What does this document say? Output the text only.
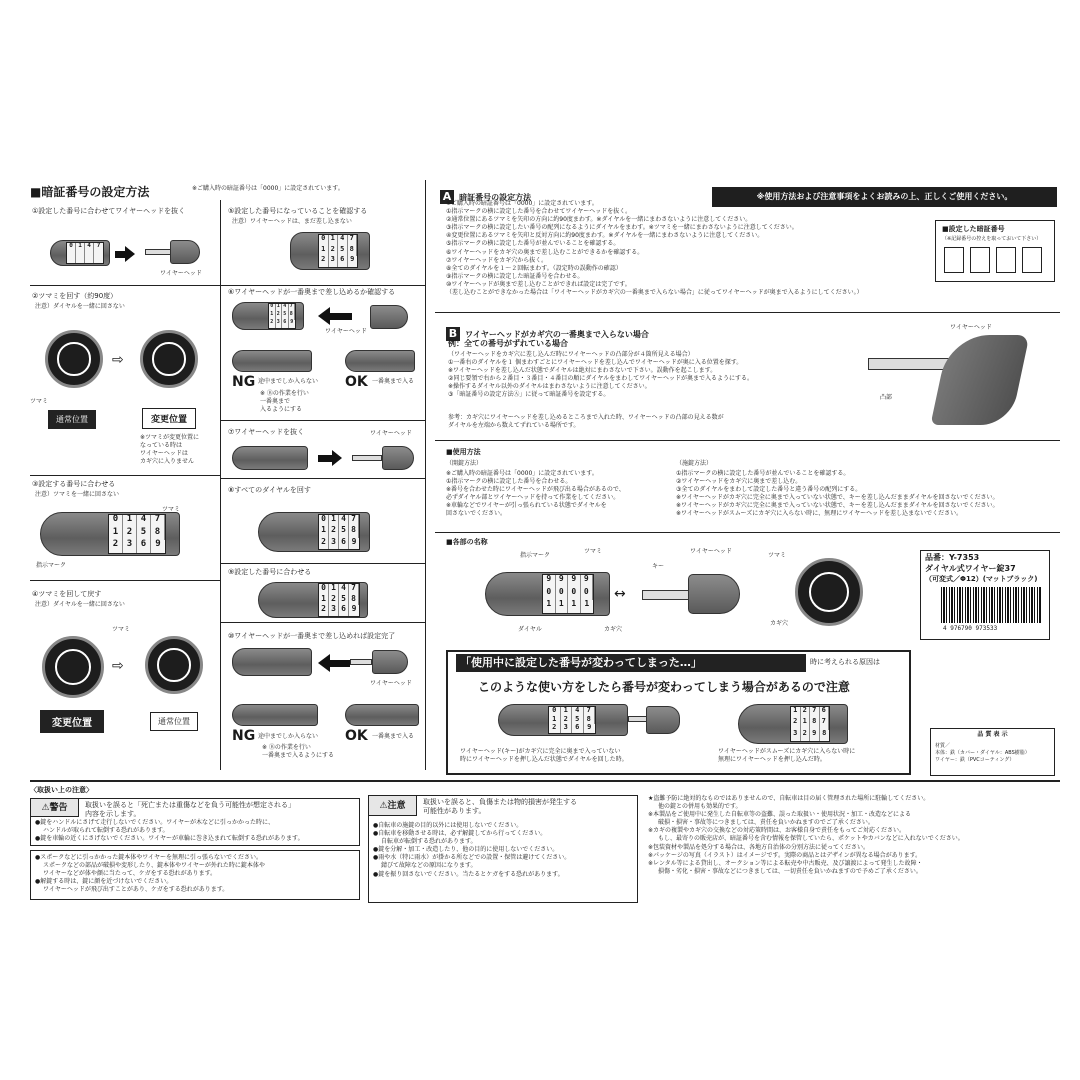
■暗証番号の設定方法	※ご購入時の暗証番号は「0000」に設定されています。
①設定した番号に合わせてワイヤーヘッドを抜く
0 1 4 7
ワイヤーヘッド
②ツマミを回す（約90度）
注意）ダイヤルを一緒に回さない
⇨
ツマミ
通常位置	変更位置
※ツマミが変更位置に
なっている時は
ワイヤーヘッドは
カギ穴に入りません
③設定する番号に合わせる
注意）ツマミを一緒に回さない
0 1 4 7
1 2 5 8
2 3 6	9
ツマミ
指示マーク
④ツマミを回して戻す
注意）ダイヤルを一緒に回さない
ツマミ
⇨
変更位置	通常位置
⑤設定した番号になっていることを確認する
注意）ワイヤーヘッドは、まだ差し込まない
0 1 4 7
1 2 5 8
2 3 6 9
⑥ワイヤーヘッドが一番奥まで差し込めるか確認する
0 1 4 7
1 2 5 8
2 3 6 9
ワイヤーヘッド
NG 途中までしか入らない OK 一番奥まで入る
※ Ⓑの作業を行い
一番奥まで
入るようにする
⑦ワイヤーヘッドを抜く	ワイヤーヘッド
⑧すべてのダイヤルを回す
0 1 4 7
1 2 5 8
2 3 6 9
⑨設定した番号に合わせる
0 1 4 7
1 2 5 8
2 3 6 9
⑩ワイヤーヘッドが一番奥まで差し込めれば設定完了
ワイヤーヘッド
NG 途中までしか入らない OK 一番奥まで入る
※ Ⓑの作業を行い
一番奥まで入るようにする
A 暗証番号の設定方法
※ご購入時の暗証番号は「0000」に設定されています。
①指示マークの横に設定した番号を合わせてワイヤーヘッドを抜く。
②通常位置にあるツマミを矢印の方向に約90度まわす。※ダイヤルを一緒にまわさないように注意してください。
③指示マークの横に設定したい番号の配列になるようにダイヤルをまわす。※ツマミを一緒にまわさないように注意してください。
④変更位置にあるツマミを矢印と反対方向に約90度まわす。※ダイヤルを一緒にまわさないように注意してください。
⑤指示マークの横に設定した番号が並んでいることを確認する。
⑥ワイヤーヘッドをカギ穴の奥まで差し込むことができるかを確認する。
⑦ワイヤーヘッドをカギ穴から抜く。
⑧全てのダイヤルを１〜２回転まわす。（設定時の誤動作の確認）
⑨指示マークの横に設定した暗証番号を合わせる。
⑩ワイヤーヘッドが奥まで差し込むことができれば設定は完了です。
（差し込むことができなかった場合は「ワイヤーヘッドがカギ穴の一番奥まで入らない場合」に従ってワイヤーヘッドが奥まで入るようにしてください。）
※使用方法および注意事項をよくお読みの上、正しくご使用ください。
■設定した暗証番号
（※記録番号の控えを取っておいて下さい）
B ワイヤーヘッドがカギ穴の一番奥まで入らない場合
例：全ての番号がずれている場合
（ワイヤーヘッドをカギ穴に差し込んだ時にワイヤーヘッドの凸部分が４箇所見える場合）
①一番右のダイヤルを１ 個まわすごとにワイヤーヘッドを差し込んでワイヤーヘッドが奥に入る位置を探す。
※ワイヤーヘッドを差し込んだ状態でダイヤルは絶対にまわさないで下さい。誤動作を起こします。
②同じ要領で右から２番目・３番目・４番目の順にダイヤルをまわしてワイヤーヘッドが奥まで入るようにする。
※操作するダイヤル以外のダイヤルはまわさないように注意してください。
③「暗証番号の設定方法Ⓐ」に従って暗証番号を設定する。
参考：カギ穴にワイヤーヘッドを差し込めるところまで入れた時、ワイヤーヘッドの凸部の見える数が
ダイヤルを左端から数えてずれている場所です。
ワイヤーヘッド
凸部
■使用方法
（開錠方法）
※ご購入時の暗証番号は「0000」に設定されています。
①指示マークの横に設定した番号を合わせる。
※番号を合わせた時にワイヤーヘッドが飛び出る場合があるので、
必ずダイヤル部とワイヤーヘッドを持って作業をしてください。
※車輪などでワイヤーが引っ張られている状態でダイヤルを
回さないでください。
（施錠方法）
①指示マークの横に設定した番号が並んでいることを確認する。
②ワイヤーヘッドをカギ穴に奥まで差し込む。
③全てのダイヤルをまわして設定した番号と違う番号の配列にする。
※ワイヤーヘッドがカギ穴に完全に奥まで入っていない状態で、キーを差し込んだままダイヤルを回さないでください。
※ワイヤーヘッドがカギ穴に完全に奥まで入っていない状態で、キーを差し込んだままダイヤルを回さないでください。
※ワイヤーヘッドがスムーズにカギ穴に入らない時に、無理にワイヤーヘッドを差し込まないでください。
■各部の名称
9 9 9 9
0 0 0 0
1 1 1	1
指示マーク
ツマミ
ダイヤル	カギ穴
↔
キー
ワイヤーヘッド
ツマミ
カギ穴
品番：Y-7353
ダイヤル式ワイヤー錠37
（可変式／Φ12）(マットブラック)
4 976790 973533
「使用中に設定した番号が変わってしまった…」	時に考えられる原因は
このような使い方をしたら番号が変わってしまう場合があるので注意
0	1	4	7
1	2	5	8
2	3	6	9
1 2 7 6
2 1 8 7
3 2 9 8
ワイヤーヘッド(キー)がカギ穴に完全に奥まで入っていない
時にワイヤーヘッドを押し込んだ状態でダイヤルを回した時。
ワイヤーヘッドがスムーズにカギ穴に入らない時に
無理にワイヤーヘッドを押し込んだ時。
品 質 表 示
材質／
本体：鉄（カバー・ダイヤル：ABS樹脂）
ワイヤー：鉄（PVCコーティング）
〈取扱い上の注意〉
⚠警告	取扱いを誤ると「死亡または重傷などを負う可能性が想定される」
内容を示します。
●錠をハンドルにさげて走行しないでください。ワイヤーが木などに引っかかった時に、
ハンドルが取られて転倒する恐れがあります。
●錠を車輪の近くにさげないでください。ワイヤーが車輪に巻き込まれて転倒する恐れがあります。
●スポークなどに引っかかった錠本体やワイヤーを無理に引っ張らないでください。
スポークなどの部品が破損や変形したり、錠本体やワイヤーが外れた時に錠本体や
ワイヤーなどが体や顔に当たって、ケガをする恐れがあります。
●解錠する時は、錠に顔を近づけないでください。
ワイヤーヘッドが飛び出すことがあり、ケガをする恐れがあります。
⚠注意	取扱いを誤ると、負傷または物的損害が発生する
可能性があります。
●自転車の施錠の目的以外には使用しないでください。
●自転車を移動させる時は、必ず解錠してから行ってください。
自転車が転倒する恐れがあります。
●錠を分解・加工・改造したり、他の目的に使用しないでください。
●雨や水（特に雨水）が掛かる所などでの設置・保管は避けてください。
錆びて故障などの原因になります。
●錠を振り回さないでください。当たるとケガをする恐れがあります。
★盗難予防に絶対的なものではありませんので、自転車は目の届く管理された場所に駐輪してください。
他の錠との併用も効果的です。
※本製品をご使用中に発生した自転車等の盗難、誤った取扱い・使用状況・加工・改造などによる
破損・損害・事故等につきましては、責任を負いかねますのでご了承ください。
※カギの複製やカギ穴の交換などの対応策時間は、お客様自身で責任をもってご対応ください。
もし、最寄りの販売店が、暗証番号を含む情報を保管していたら、ポケットやカバンなどに入れないでください。
※包装資材や製品を処分する場合は、各地方自治体の分別方法に従ってください。
※パッケージの写真（イラスト）はイメージです。実際の商品とはデザインが異なる場合があります。
※レンタル等による貸出し、オークション等による転売や中古販売、及び譲渡によって発生した故障・
損傷・劣化・損害・事故などにつきましては、一切責任を負いかねますので予めご了承ください。
